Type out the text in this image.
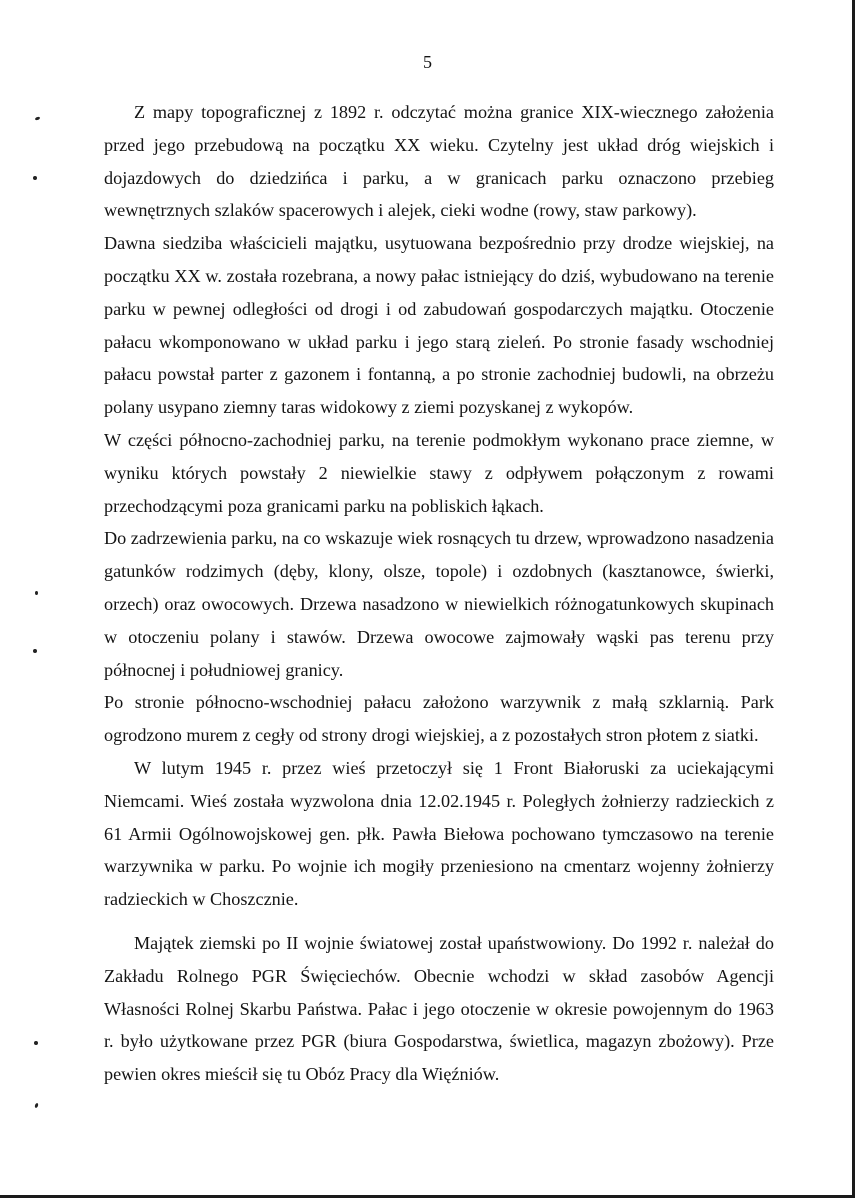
5

Z mapy topograficznej z 1892 r. odczytać można granice XIX-wiecznego założenia przed jego przebudową na początku XX wieku. Czytelny jest układ dróg wiejskich i dojazdowych do dziedzińca i parku, a w granicach parku oznaczono przebieg wewnętrznych szlaków spacerowych i alejek, cieki wodne (rowy, staw parkowy).

Dawna siedziba właścicieli majątku, usytuowana bezpośrednio przy drodze wiejskiej, na początku XX w. została rozebrana, a nowy pałac istniejący do dziś, wybudowano na terenie parku w pewnej odległości od drogi i od zabudowań gospodarczych majątku. Otoczenie pałacu wkomponowano w układ parku i jego starą zieleń. Po stronie fasady wschodniej pałacu powstał parter z gazonem i fontanną, a po stronie zachodniej budowli, na obrzeżu polany usypano ziemny taras widokowy z ziemi pozyskanej z wykopów.

W części północno-zachodniej parku, na terenie podmokłym wykonano prace ziemne, w wyniku których powstały 2 niewielkie stawy z odpływem połączonym z rowami przechodzącymi poza granicami parku na pobliskich łąkach.

Do zadrzewienia parku, na co wskazuje wiek rosnących tu drzew, wprowadzono nasadzenia gatunków rodzimych (dęby, klony, olsze, topole) i ozdobnych (kasztanowce, świerki, orzech) oraz owocowych. Drzewa nasadzono w niewielkich różnogatunkowych skupinach w otoczeniu polany i stawów. Drzewa owocowe zajmowały wąski pas terenu przy północnej i południowej granicy.

Po stronie północno-wschodniej pałacu założono warzywnik z małą szklarnią. Park ogrodzono murem z cegły od strony drogi wiejskiej, a z pozostałych stron płotem z siatki.

W lutym 1945 r. przez wieś przetoczył się 1 Front Białoruski za uciekającymi Niemcami. Wieś została wyzwolona dnia 12.02.1945 r. Poległych żołnierzy radzieckich z 61 Armii Ogólnowojskowej gen. płk. Pawła Biełowa pochowano tymczasowo na terenie warzywnika w parku. Po wojnie ich mogiły przeniesiono na cmentarz wojenny żołnierzy radzieckich w Choszcznie.

Majątek ziemski po II wojnie światowej został upaństwowiony. Do 1992 r. należał do Zakładu Rolnego PGR Święciechów. Obecnie wchodzi w skład zasobów Agencji Własności Rolnej Skarbu Państwa. Pałac i jego otoczenie w okresie powojennym do 1963 r. było użytkowane przez PGR (biura Gospodarstwa, świetlica, magazyn zbożowy). Prze pewien okres mieścił się tu Obóz Pracy dla Więźniów.
